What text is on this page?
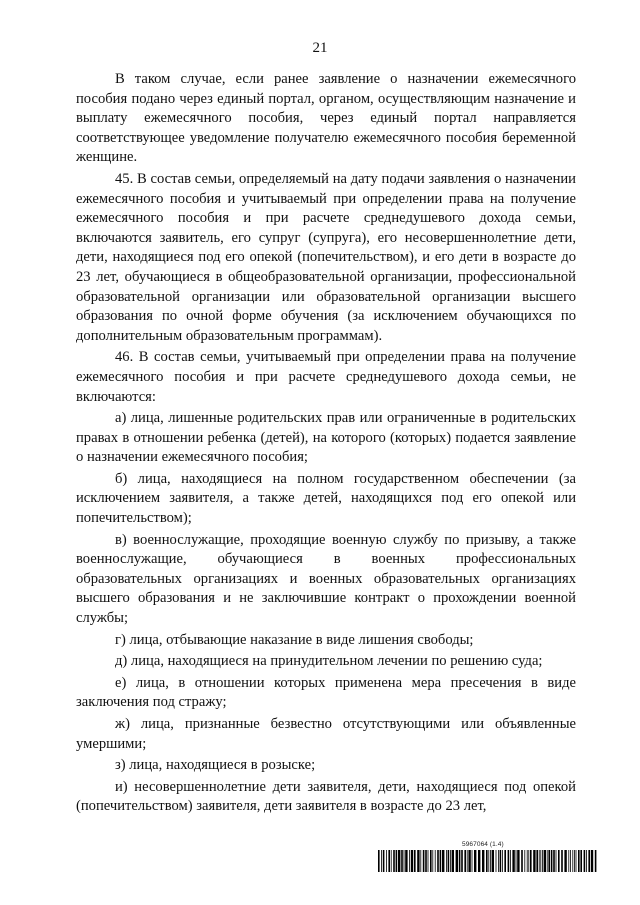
21

В таком случае, если ранее заявление о назначении ежемесячного пособия подано через единый портал, органом, осуществляющим назначение и выплату ежемесячного пособия, через единый портал направляется соответствующее уведомление получателю ежемесячного пособия беременной женщине.

45. В состав семьи, определяемый на дату подачи заявления о назначении ежемесячного пособия и учитываемый при определении права на получение ежемесячного пособия и при расчете среднедушевого дохода семьи, включаются заявитель, его супруг (супруга), его несовершеннолетние дети, дети, находящиеся под его опекой (попечительством), и его дети в возрасте до 23 лет, обучающиеся в общеобразовательной организации, профессиональной образовательной организации или образовательной организации высшего образования по очной форме обучения (за исключением обучающихся по дополнительным образовательным программам).

46. В состав семьи, учитываемый при определении права на получение ежемесячного пособия и при расчете среднедушевого дохода семьи, не включаются:

а) лица, лишенные родительских прав или ограниченные в родительских правах в отношении ребенка (детей), на которого (которых) подается заявление о назначении ежемесячного пособия;

б) лица, находящиеся на полном государственном обеспечении (за исключением заявителя, а также детей, находящихся под его опекой или попечительством);

в) военнослужащие, проходящие военную службу по призыву, а также военнослужащие, обучающиеся в военных профессиональных образовательных организациях и военных образовательных организациях высшего образования и не заключившие контракт о прохождении военной службы;

г) лица, отбывающие наказание в виде лишения свободы;

д) лица, находящиеся на принудительном лечении по решению суда;

е) лица, в отношении которых применена мера пресечения в виде заключения под стражу;

ж) лица, признанные безвестно отсутствующими или объявленные умершими;

з) лица, находящиеся в розыске;

и) несовершеннолетние дети заявителя, дети, находящиеся под опекой (попечительством) заявителя, дети заявителя в возрасте до 23 лет,

5967064 (1.4)
